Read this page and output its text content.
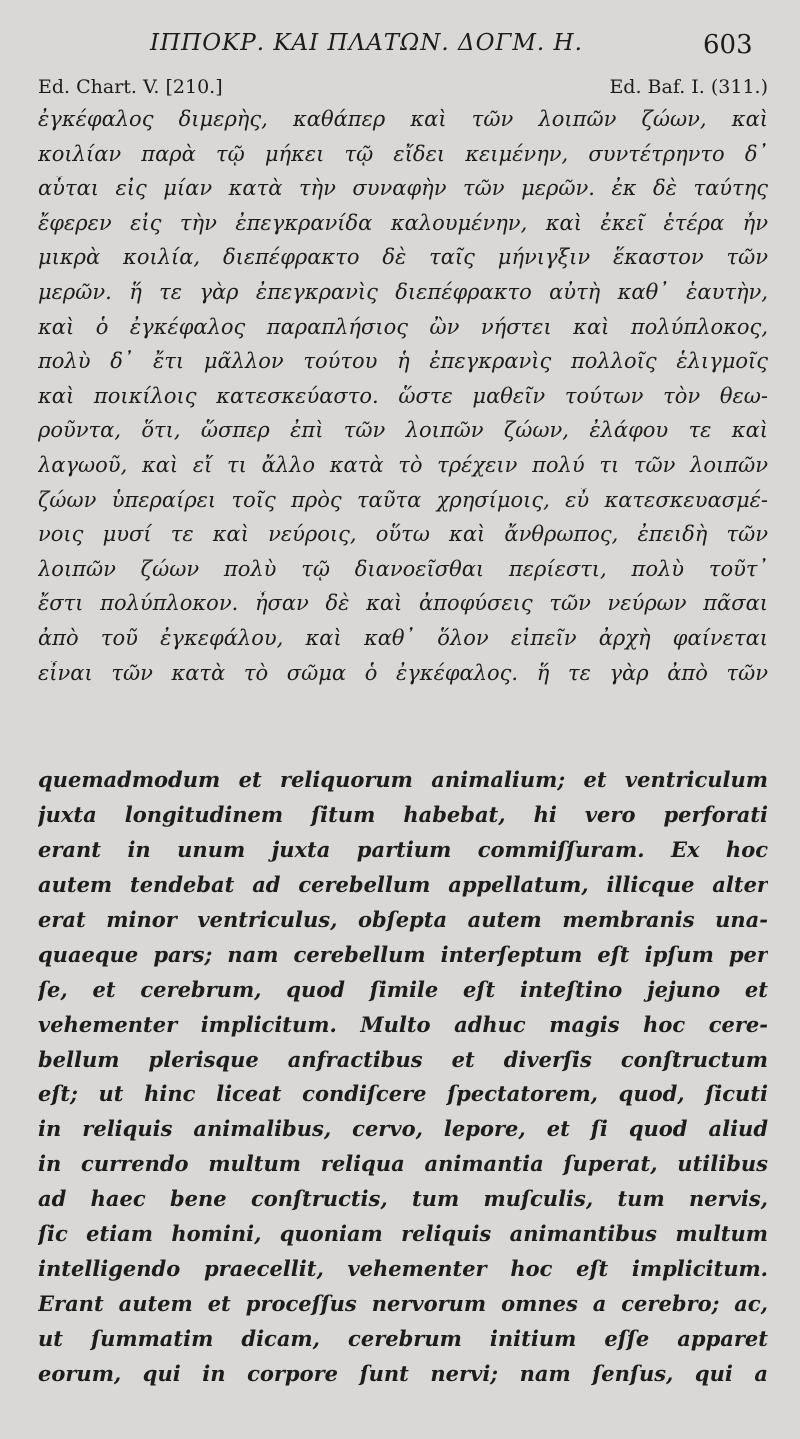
ΙΠΠΟΚΡ. ΚΑΙ ΠΛΑΤΩΝ. ΔΟΓΜ. Η.	603
Ed. Chart. V. [210.]	Ed. Baf. I. (311.)
ἐγκέφαλος διμερὴς, καθάπερ καὶ τῶν λοιπῶν ζώων, καὶ
κοιλίαν παρὰ τῷ μήκει τῷ εἴδει κειμένην, συντέτρηντο δ᾽
αὗται εἰς μίαν κατὰ τὴν συναφὴν τῶν μερῶν. ἐκ δὲ ταύτης
ἔφερεν εἰς τὴν ἐπεγκρανίδα καλουμένην, καὶ ἐκεῖ ἑτέρα ἦν
μικρὰ κοιλία, διεπέφρακτο δὲ ταῖς μήνιγξιν ἕκαστον τῶν
μερῶν. ἥ τε γὰρ ἐπεγκρανὶς διεπέφρακτο αὐτὴ καθ᾽ ἑαυτὴν,
καὶ ὁ ἐγκέφαλος παραπλήσιος ὢν νήστει καὶ πολύπλοκος,
πολὺ δ᾽ ἔτι μᾶλλον τούτου ἡ ἐπεγκρανὶς πολλοῖς ἑλιγμοῖς
καὶ ποικίλοις κατεσκεύαστο. ὥστε μαθεῖν τούτων τὸν θεω-
ροῦντα, ὅτι, ὥσπερ ἐπὶ τῶν λοιπῶν ζώων, ἐλάφου τε καὶ
λαγωοῦ, καὶ εἴ τι ἄλλο κατὰ τὸ τρέχειν πολύ τι τῶν λοιπῶν
ζώων ὑπεραίρει τοῖς πρὸς ταῦτα χρησίμοις, εὖ κατεσκευασμέ-
νοις μυσί τε καὶ νεύροις, οὕτω καὶ ἄνθρωπος, ἐπειδὴ τῶν
λοιπῶν ζώων πολὺ τῷ διανοεῖσθαι περίεστι, πολὺ τοῦτ᾽
ἔστι πολύπλοκον. ἦσαν δὲ καὶ ἀποφύσεις τῶν νεύρων πᾶσαι
ἀπὸ τοῦ ἐγκεφάλου, καὶ καθ᾽ ὅλον εἰπεῖν ἀρχὴ φαίνεται
εἶναι τῶν κατὰ τὸ σῶμα ὁ ἐγκέφαλος. ἥ τε γὰρ ἀπὸ τῶν
quemadmodum et reliquorum animalium; et ventriculum
juxta longitudinem ſitum habebat, hi vero perforati
erant in unum juxta partium commiſſuram. Ex hoc
autem tendebat ad cerebellum appellatum, illicque alter
erat minor ventriculus, obſepta autem membranis una-
quaeque pars; nam cerebellum interſeptum eſt ipſum per
ſe, et cerebrum, quod ſimile eſt inteſtino jejuno et
vehementer implicitum. Multo adhuc magis hoc cere-
bellum plerisque anfractibus et diverſis conſtructum
eſt; ut hinc liceat condiſcere ſpectatorem, quod, ſicuti
in reliquis animalibus, cervo, lepore, et ſi quod aliud
in currendo multum reliqua animantia ſuperat, utilibus
ad haec bene conſtructis, tum muſculis, tum nervis,
ſic etiam homini, quoniam reliquis animantibus multum
intelligendo praecellit, vehementer hoc eſt implicitum.
Erant autem et proceſſus nervorum omnes a cerebro; ac,
ut ſummatim dicam, cerebrum initium eſſe apparet
eorum, qui in corpore ſunt nervi; nam ſenſus, qui a
